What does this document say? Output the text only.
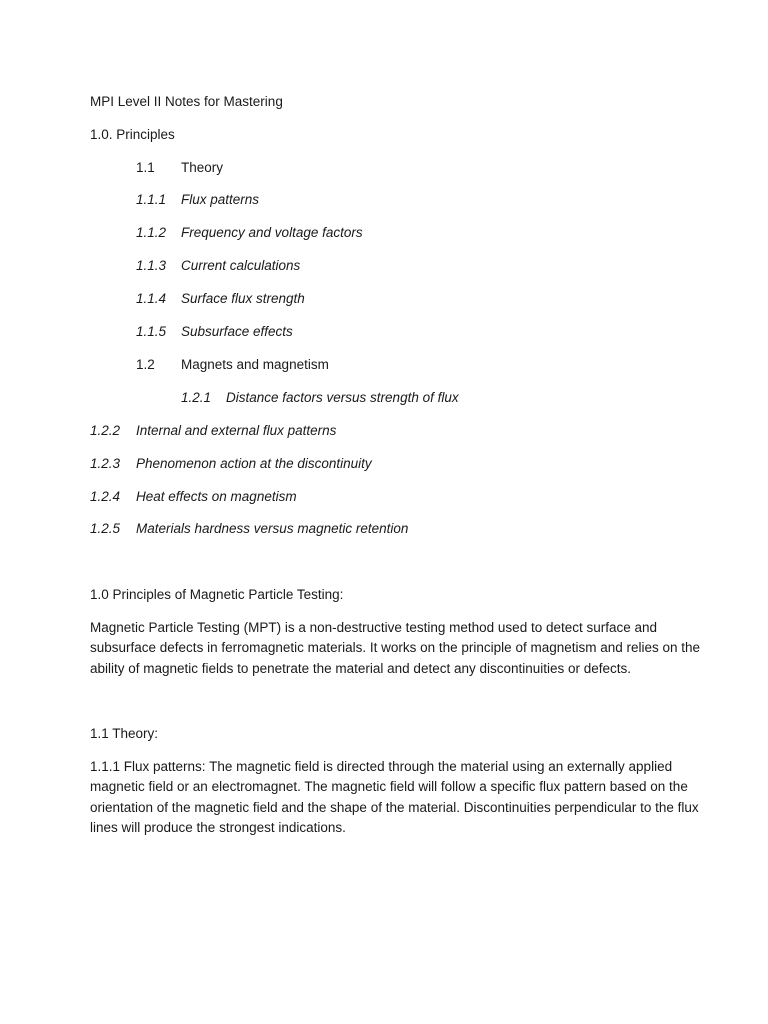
MPI Level II Notes for Mastering
1.0. Principles
1.1 Theory
1.1.1 Flux patterns
1.1.2 Frequency and voltage factors
1.1.3 Current calculations
1.1.4 Surface flux strength
1.1.5 Subsurface effects
1.2 Magnets and magnetism
1.2.1 Distance factors versus strength of flux
1.2.2 Internal and external flux patterns
1.2.3 Phenomenon action at the discontinuity
1.2.4 Heat effects on magnetism
1.2.5 Materials hardness versus magnetic retention
1.0 Principles of Magnetic Particle Testing:
Magnetic Particle Testing (MPT) is a non-destructive testing method used to detect surface and
subsurface defects in ferromagnetic materials. It works on the principle of magnetism and relies on the
ability of magnetic fields to penetrate the material and detect any discontinuities or defects.
1.1 Theory:
1.1.1 Flux patterns: The magnetic field is directed through the material using an externally applied
magnetic field or an electromagnet. The magnetic field will follow a specific flux pattern based on the
orientation of the magnetic field and the shape of the material. Discontinuities perpendicular to the flux
lines will produce the strongest indications.
